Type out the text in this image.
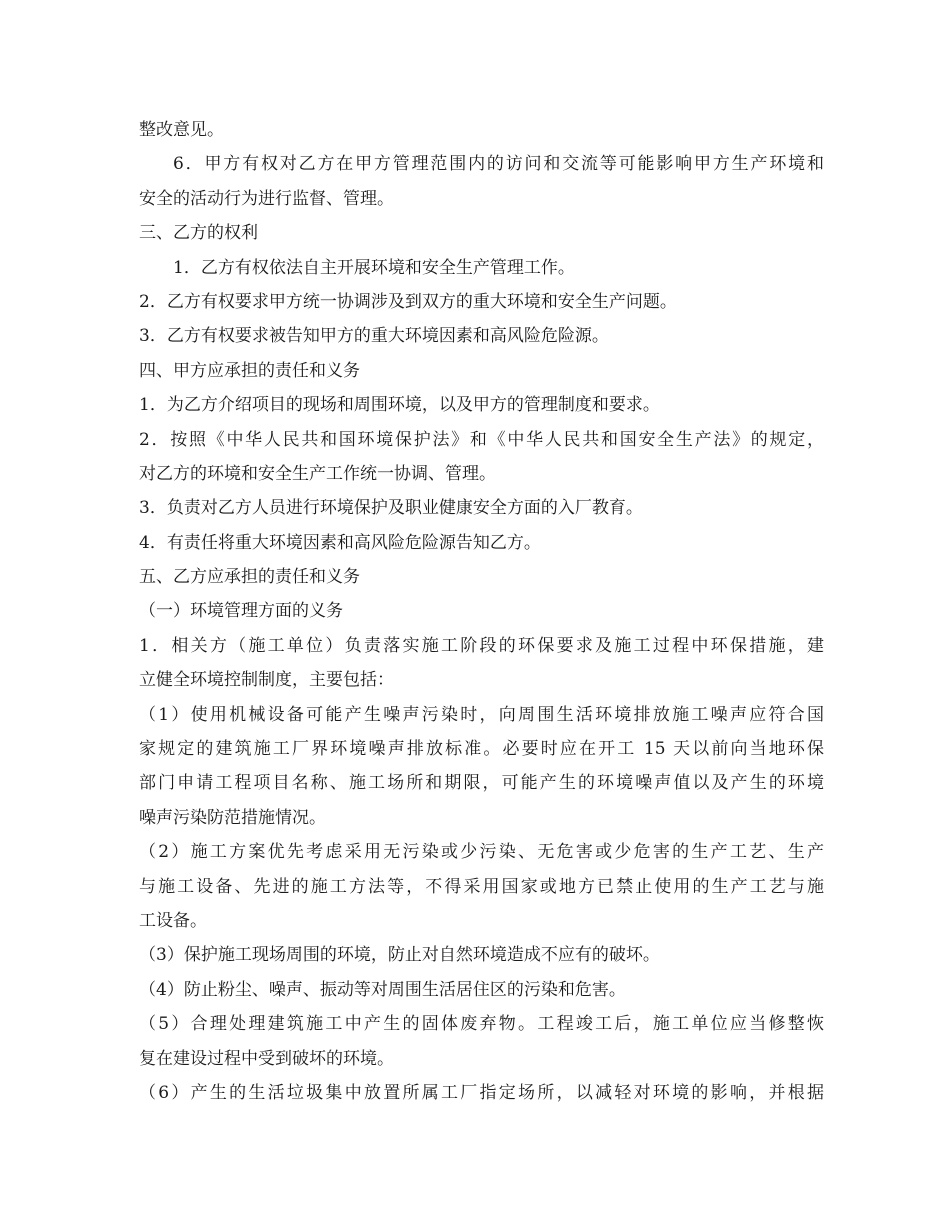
整改意见。
6．甲方有权对乙方在甲方管理范围内的访问和交流等可能影响甲方生产环境和
安全的活动行为进行监督、管理。
三、乙方的权利
1．乙方有权依法自主开展环境和安全生产管理工作。
2．乙方有权要求甲方统一协调涉及到双方的重大环境和安全生产问题。
3．乙方有权要求被告知甲方的重大环境因素和高风险危险源。
四、甲方应承担的责任和义务
1．为乙方介绍项目的现场和周围环境，以及甲方的管理制度和要求。
2．按照《中华人民共和国环境保护法》和《中华人民共和国安全生产法》的规定，
对乙方的环境和安全生产工作统一协调、管理。
3．负责对乙方人员进行环境保护及职业健康安全方面的入厂教育。
4．有责任将重大环境因素和高风险危险源告知乙方。
五、乙方应承担的责任和义务
（一）环境管理方面的义务
1．相关方（施工单位）负责落实施工阶段的环保要求及施工过程中环保措施，建
立健全环境控制制度，主要包括：
（1）使用机械设备可能产生噪声污染时，向周围生活环境排放施工噪声应符合国
家规定的建筑施工厂界环境噪声排放标准。必要时应在开工 15 天以前向当地环保
部门申请工程项目名称、施工场所和期限，可能产生的环境噪声值以及产生的环境
噪声污染防范措施情况。
（2）施工方案优先考虑采用无污染或少污染、无危害或少危害的生产工艺、生产
与施工设备、先进的施工方法等，不得采用国家或地方已禁止使用的生产工艺与施
工设备。
（3）保护施工现场周围的环境，防止对自然环境造成不应有的破坏。
（4）防止粉尘、噪声、振动等对周围生活居住区的污染和危害。
（5）合理处理建筑施工中产生的固体废弃物。工程竣工后，施工单位应当修整恢
复在建设过程中受到破坏的环境。
（6）产生的生活垃圾集中放置所属工厂指定场所，以减轻对环境的影响，并根据
